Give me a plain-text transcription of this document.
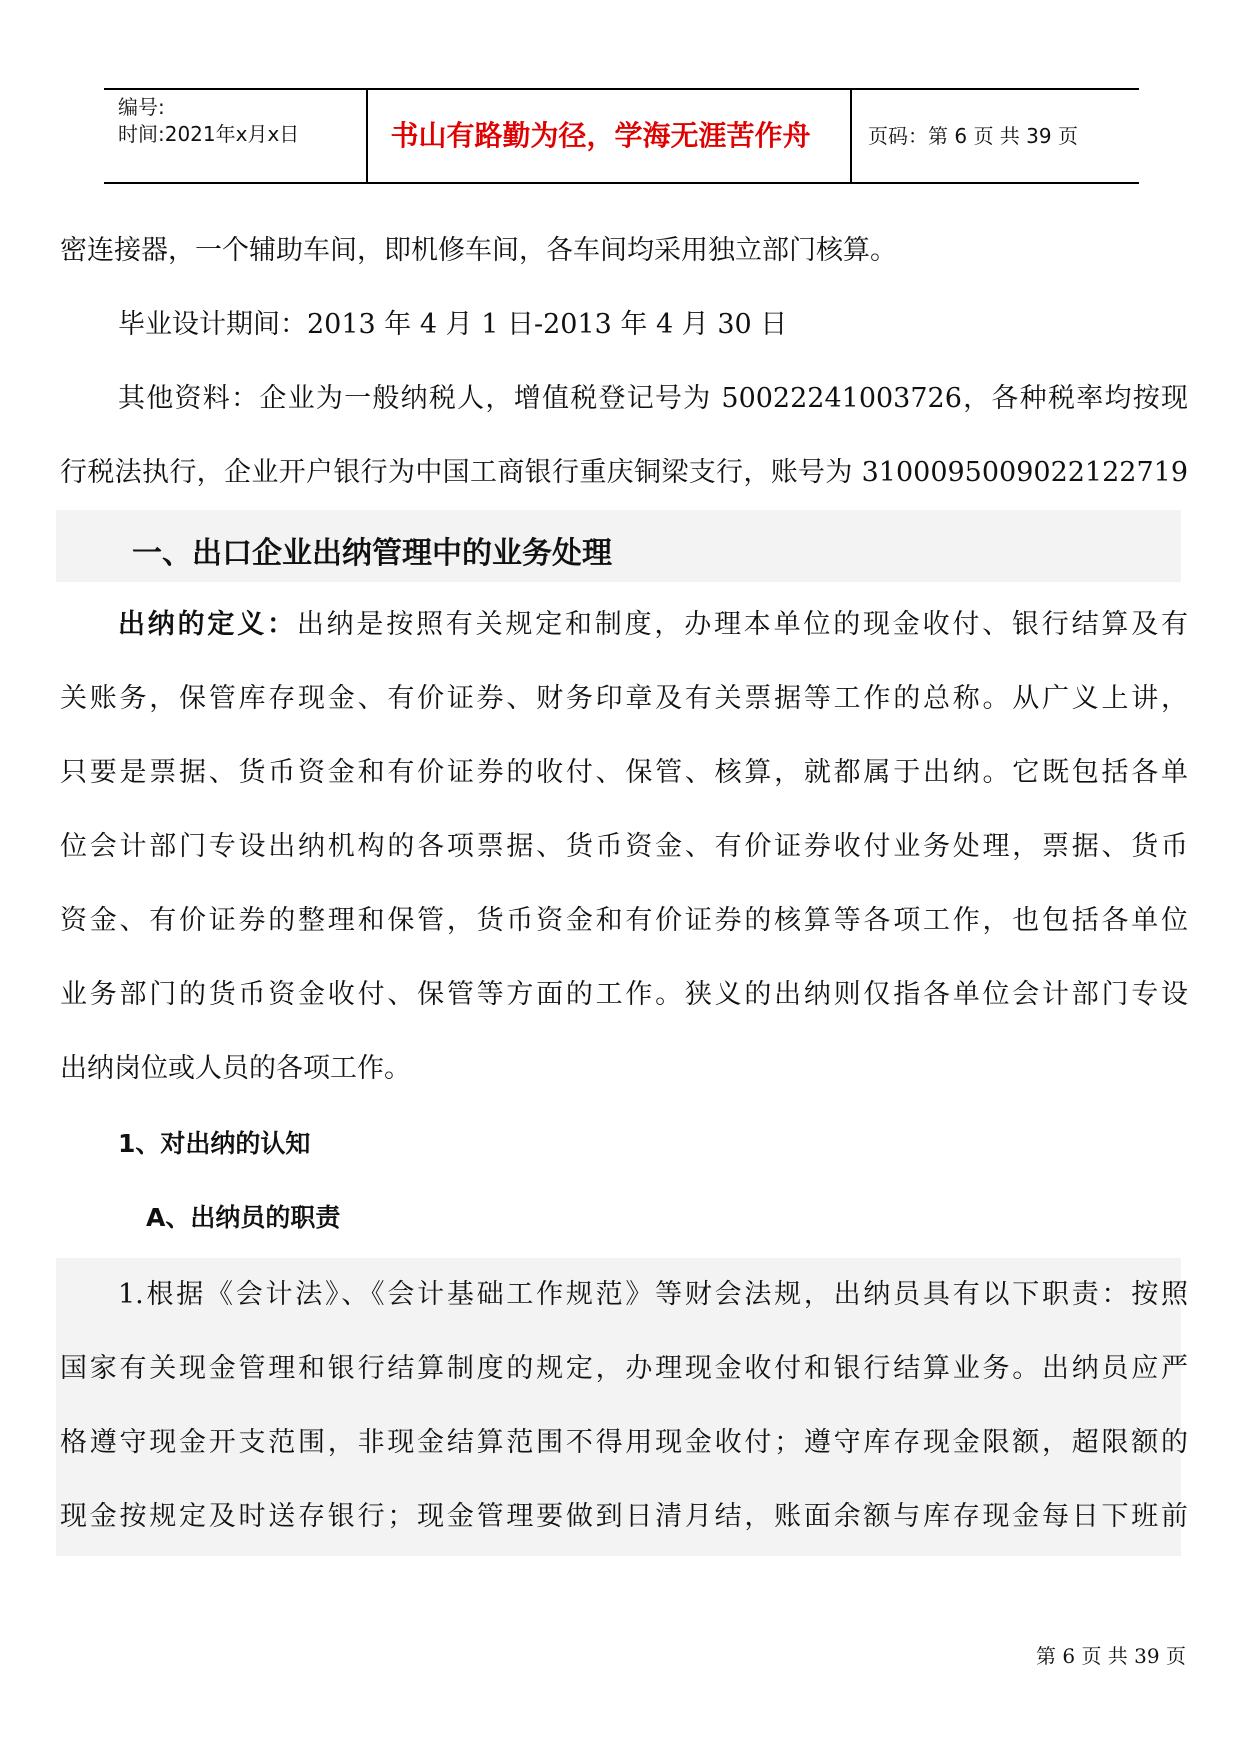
编号:
时间:2021年x月x日	书山有路勤为径，学海无涯苦作舟	页码：第 6 页 共 39 页
密连接器，一个辅助车间，即机修车间，各车间均采用独立部门核算。
毕业设计期间：2013 年 4 月 1 日-2013 年 4 月 30 日
其他资料：企业为一般纳税人，增值税登记号为 50022241003726，各种税率均按现
行税法执行，企业开户银行为中国工商银行重庆铜梁支行，账号为 3100095009022122719
一、出口企业出纳管理中的业务处理
出纳的定义：出纳是按照有关规定和制度，办理本单位的现金收付、银行结算及有
关账务，保管库存现金、有价证券、财务印章及有关票据等工作的总称。从广义上讲，
只要是票据、货币资金和有价证券的收付、保管、核算，就都属于出纳。它既包括各单
位会计部门专设出纳机构的各项票据、货币资金、有价证券收付业务处理，票据、货币
资金、有价证券的整理和保管，货币资金和有价证券的核算等各项工作，也包括各单位
业务部门的货币资金收付、保管等方面的工作。狭义的出纳则仅指各单位会计部门专设
出纳岗位或人员的各项工作。
1、对出纳的认知
A、出纳员的职责
1.根据《会计法》、《会计基础工作规范》等财会法规，出纳员具有以下职责：按照
国家有关现金管理和银行结算制度的规定，办理现金收付和银行结算业务。出纳员应严
格遵守现金开支范围，非现金结算范围不得用现金收付；遵守库存现金限额，超限额的
现金按规定及时送存银行；现金管理要做到日清月结，账面余额与库存现金每日下班前
第 6 页 共 39 页
